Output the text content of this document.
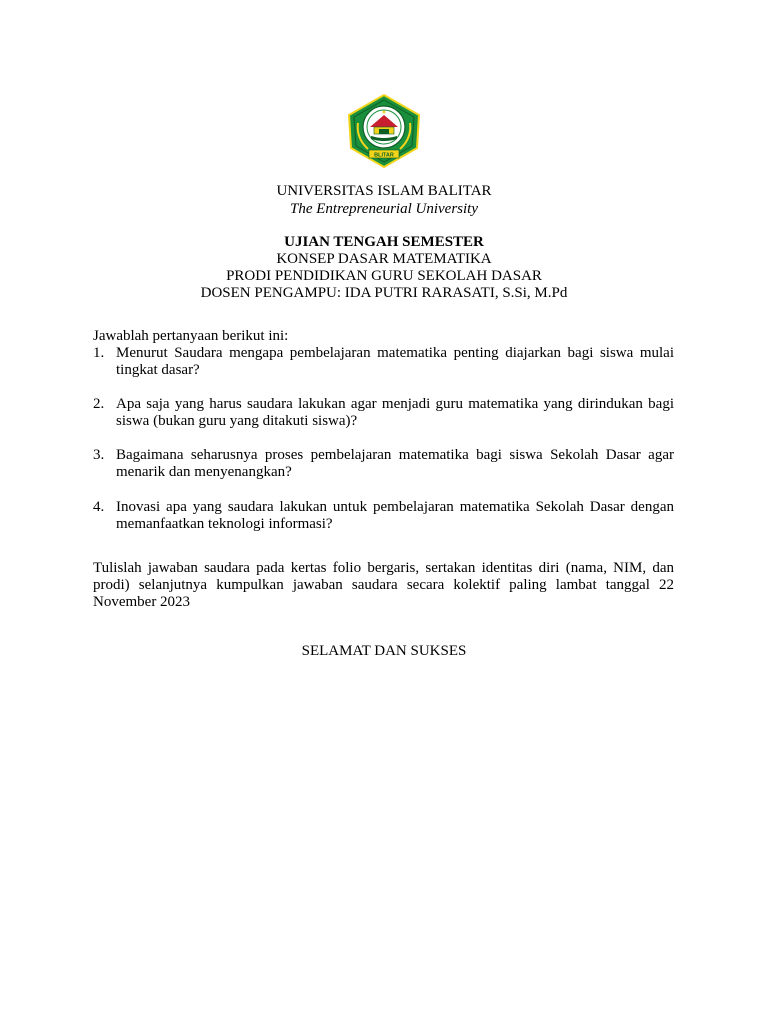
BLITAR
UNIVERSITAS ISLAM BALITAR
The Entrepreneurial University
UJIAN TENGAH SEMESTER
KONSEP DASAR MATEMATIKA
PRODI PENDIDIKAN GURU SEKOLAH DASAR
DOSEN PENGAMPU: IDA PUTRI RARASATI, S.Si, M.Pd
Jawablah pertanyaan berikut ini:
1. Menurut Saudara mengapa pembelajaran matematika penting diajarkan bagi siswa mulai tingkat dasar?
2. Apa saja yang harus saudara lakukan agar menjadi guru matematika yang dirindukan bagi siswa (bukan guru yang ditakuti siswa)?
3. Bagaimana seharusnya proses pembelajaran matematika bagi siswa Sekolah Dasar agar menarik dan menyenangkan?
4. Inovasi apa yang saudara lakukan untuk pembelajaran matematika Sekolah Dasar dengan memanfaatkan teknologi informasi?
Tulislah jawaban saudara pada kertas folio bergaris, sertakan identitas diri (nama, NIM, dan prodi) selanjutnya kumpulkan jawaban saudara secara kolektif paling lambat tanggal 22 November 2023
SELAMAT DAN SUKSES
